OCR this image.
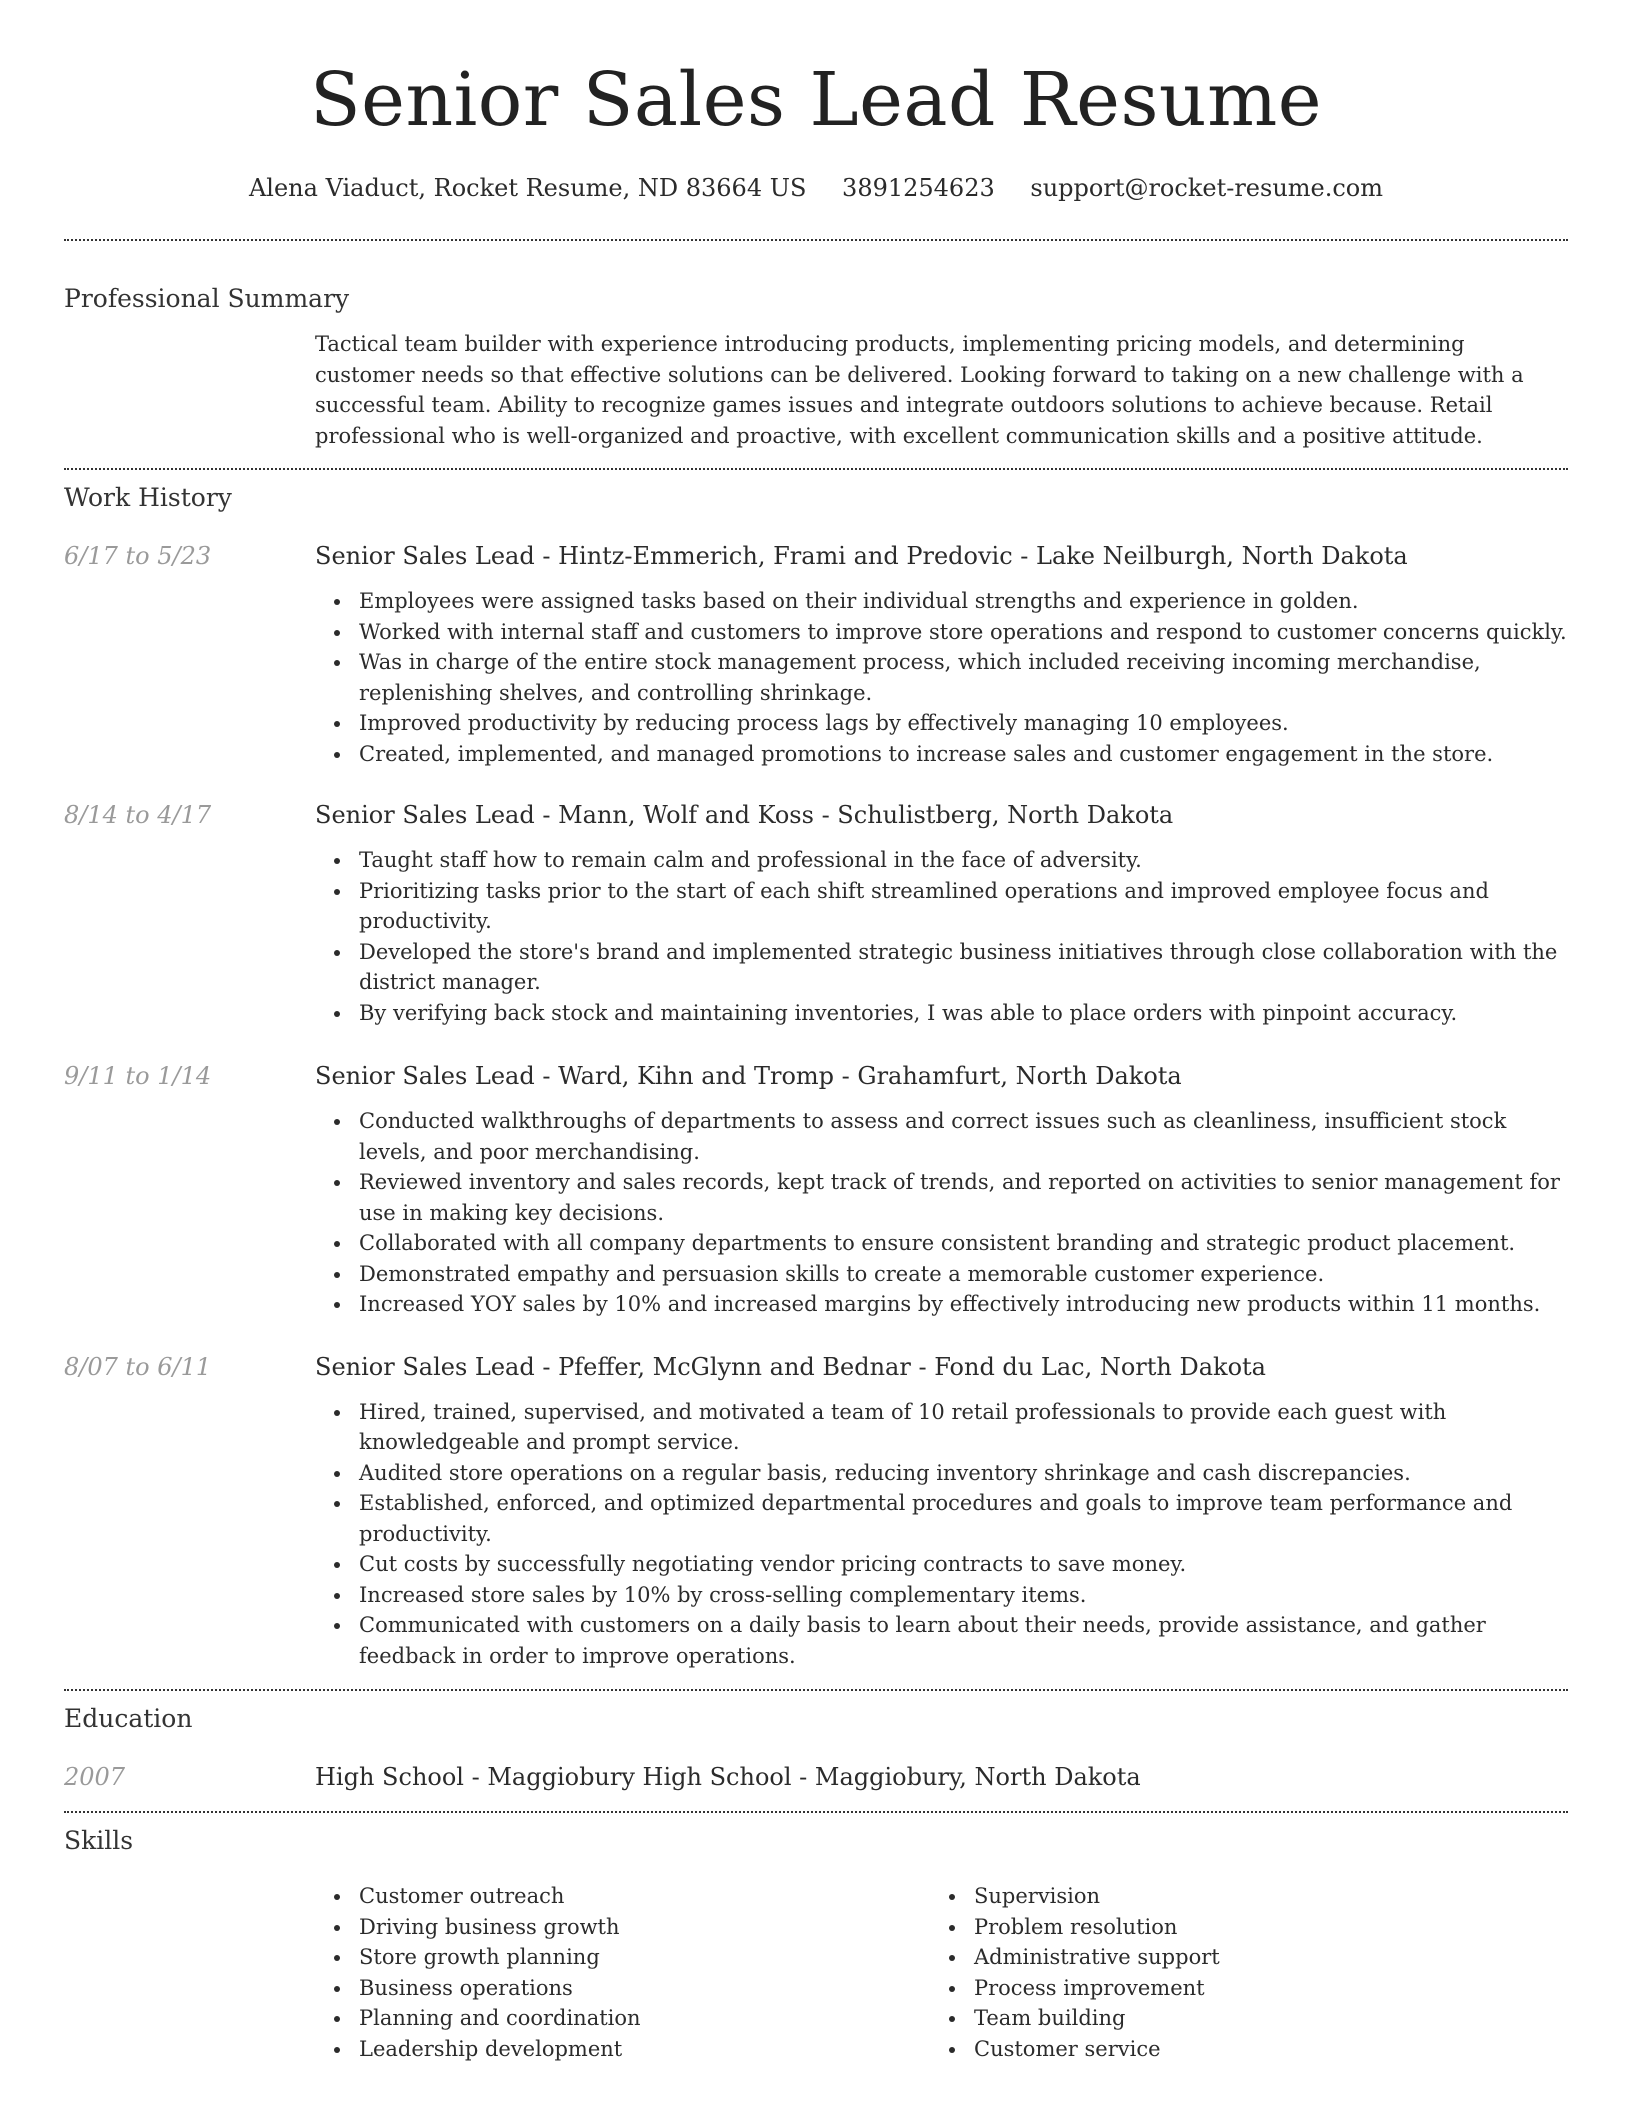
Senior Sales Lead Resume
Alena Viaduct, Rocket Resume, ND 83664 US 3891254623 support@rocket-resume.com
Professional Summary
Tactical team builder with experience introducing products, implementing pricing models, and determining customer needs so that effective solutions can be delivered. Looking forward to taking on a new challenge with a successful team. Ability to recognize games issues and integrate outdoors solutions to achieve because. Retail professional who is well-organized and proactive, with excellent communication skills and a positive attitude.
Work History
6/17 to 5/23	Senior Sales Lead - Hintz-Emmerich, Frami and Predovic - Lake Neilburgh, North Dakota
Employees were assigned tasks based on their individual strengths and experience in golden.
Worked with internal staff and customers to improve store operations and respond to customer concerns quickly.
Was in charge of the entire stock management process, which included receiving incoming merchandise, replenishing shelves, and controlling shrinkage.
Improved productivity by reducing process lags by effectively managing 10 employees.
Created, implemented, and managed promotions to increase sales and customer engagement in the store.
8/14 to 4/17	Senior Sales Lead - Mann, Wolf and Koss - Schulistberg, North Dakota
Taught staff how to remain calm and professional in the face of adversity.
Prioritizing tasks prior to the start of each shift streamlined operations and improved employee focus and productivity.
Developed the store's brand and implemented strategic business initiatives through close collaboration with the district manager.
By verifying back stock and maintaining inventories, I was able to place orders with pinpoint accuracy.
9/11 to 1/14	Senior Sales Lead - Ward, Kihn and Tromp - Grahamfurt, North Dakota
Conducted walkthroughs of departments to assess and correct issues such as cleanliness, insufficient stock levels, and poor merchandising.
Reviewed inventory and sales records, kept track of trends, and reported on activities to senior management for use in making key decisions.
Collaborated with all company departments to ensure consistent branding and strategic product placement.
Demonstrated empathy and persuasion skills to create a memorable customer experience.
Increased YOY sales by 10% and increased margins by effectively introducing new products within 11 months.
8/07 to 6/11	Senior Sales Lead - Pfeffer, McGlynn and Bednar - Fond du Lac, North Dakota
Hired, trained, supervised, and motivated a team of 10 retail professionals to provide each guest with knowledgeable and prompt service.
Audited store operations on a regular basis, reducing inventory shrinkage and cash discrepancies.
Established, enforced, and optimized departmental procedures and goals to improve team performance and productivity.
Cut costs by successfully negotiating vendor pricing contracts to save money.
Increased store sales by 10% by cross-selling complementary items.
Communicated with customers on a daily basis to learn about their needs, provide assistance, and gather feedback in order to improve operations.
Education
2007	High School - Maggiobury High School - Maggiobury, North Dakota
Skills
Customer outreach
Driving business growth
Store growth planning
Business operations
Planning and coordination
Leadership development
Supervision
Problem resolution
Administrative support
Process improvement
Team building
Customer service
